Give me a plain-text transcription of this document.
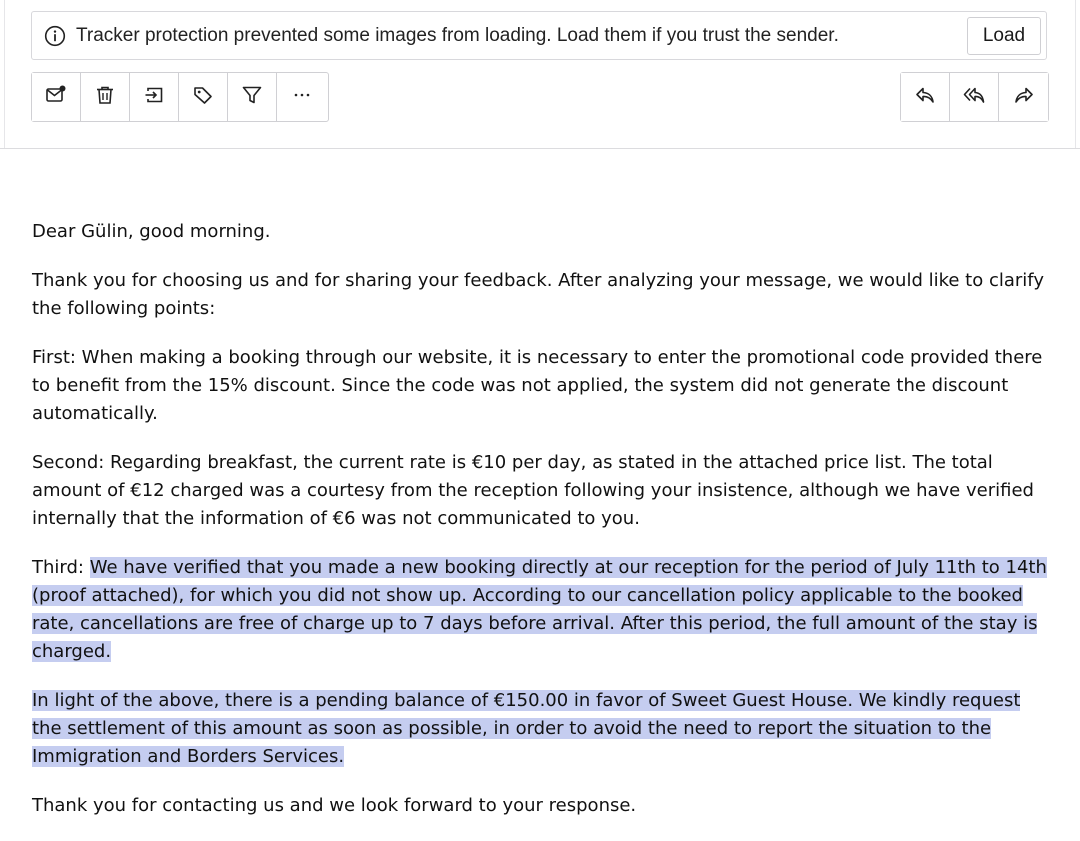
Tracker protection prevented some images from loading. Load them if you trust the sender.	Load

Dear Gülin, good morning.

Thank you for choosing us and for sharing your feedback. After analyzing your message, we would like to clarify the following points:

First: When making a booking through our website, it is necessary to enter the promotional code provided there to benefit from the 15% discount. Since the code was not applied, the system did not generate the discount automatically.

Second: Regarding breakfast, the current rate is €10 per day, as stated in the attached price list. The total amount of €12 charged was a courtesy from the reception following your insistence, although we have verified internally that the information of €6 was not communicated to you.

Third: We have verified that you made a new booking directly at our reception for the period of July 11th to 14th (proof attached), for which you did not show up. According to our cancellation policy applicable to the booked rate, cancellations are free of charge up to 7 days before arrival. After this period, the full amount of the stay is charged.

In light of the above, there is a pending balance of €150.00 in favor of Sweet Guest House. We kindly request the settlement of this amount as soon as possible, in order to avoid the need to report the situation to the Immigration and Borders Services.

Thank you for contacting us and we look forward to your response.
